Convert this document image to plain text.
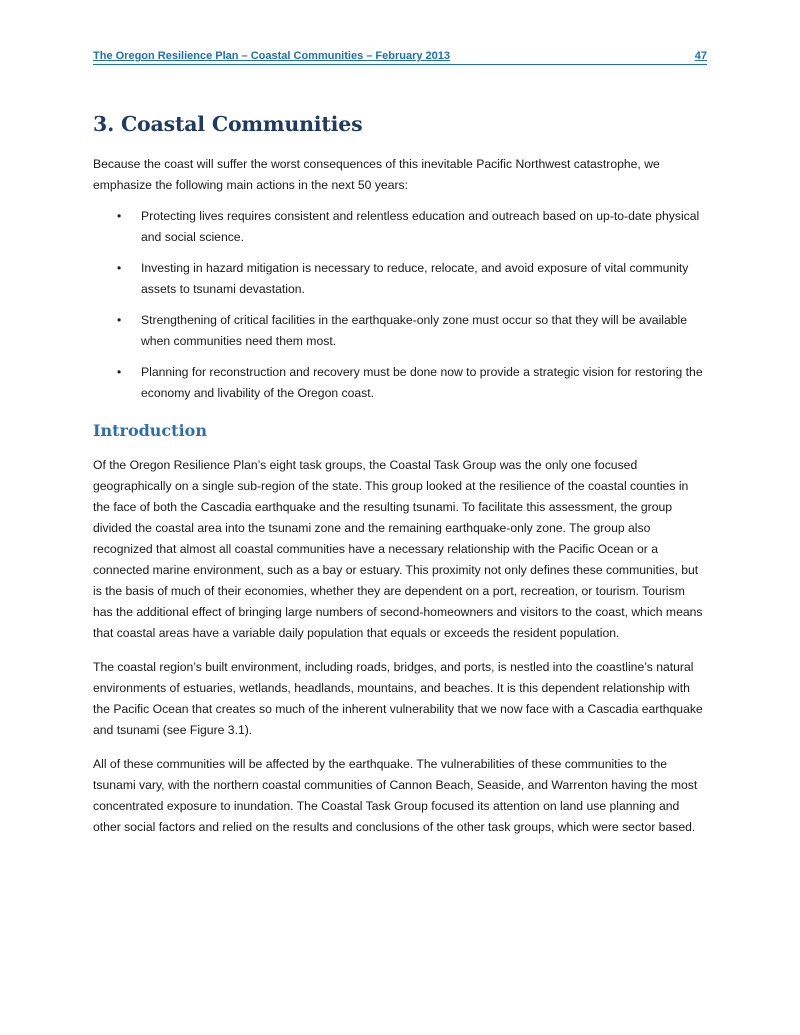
The Oregon Resilience Plan – Coastal Communities – February 2013	47
3. Coastal Communities

Because the coast will suffer the worst consequences of this inevitable Pacific Northwest catastrophe, we emphasize the following main actions in the next 50 years:

• Protecting lives requires consistent and relentless education and outreach based on up-to-date physical and social science.
• Investing in hazard mitigation is necessary to reduce, relocate, and avoid exposure of vital community assets to tsunami devastation.
• Strengthening of critical facilities in the earthquake-only zone must occur so that they will be available when communities need them most.
• Planning for reconstruction and recovery must be done now to provide a strategic vision for restoring the economy and livability of the Oregon coast.
Introduction

Of the Oregon Resilience Plan’s eight task groups, the Coastal Task Group was the only one focused geographically on a single sub-region of the state. This group looked at the resilience of the coastal counties in the face of both the Cascadia earthquake and the resulting tsunami. To facilitate this assessment, the group divided the coastal area into the tsunami zone and the remaining earthquake-only zone. The group also recognized that almost all coastal communities have a necessary relationship with the Pacific Ocean or a connected marine environment, such as a bay or estuary. This proximity not only defines these communities, but is the basis of much of their economies, whether they are dependent on a port, recreation, or tourism. Tourism has the additional effect of bringing large numbers of second-homeowners and visitors to the coast, which means that coastal areas have a variable daily population that equals or exceeds the resident population.

The coastal region’s built environment, including roads, bridges, and ports, is nestled into the coastline’s natural environments of estuaries, wetlands, headlands, mountains, and beaches. It is this dependent relationship with the Pacific Ocean that creates so much of the inherent vulnerability that we now face with a Cascadia earthquake and tsunami (see Figure 3.1).

All of these communities will be affected by the earthquake. The vulnerabilities of these communities to the tsunami vary, with the northern coastal communities of Cannon Beach, Seaside, and Warrenton having the most concentrated exposure to inundation. The Coastal Task Group focused its attention on land use planning and other social factors and relied on the results and conclusions of the other task groups, which were sector based.
